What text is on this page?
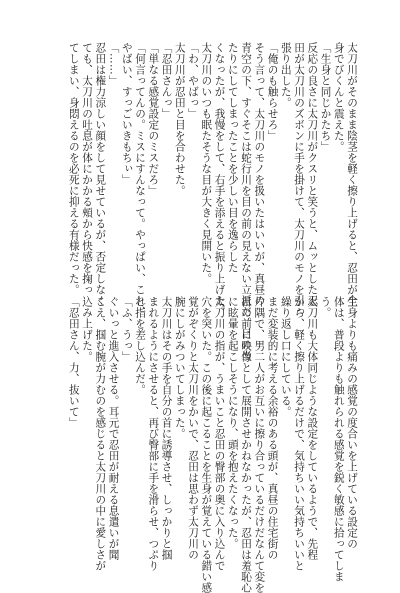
太刀川がそのまま陰茎を軽く擦り上げると、忍田が全
身でびくんと震えた。
「生身と同じかたち」
反応の良さに太刀川がクスリと笑うと、ムッとした忍
田が太刀川のズボンに手を掛けて、太刀川のモノを引っ
張り出した。
「俺のも触らせろ」
そう言って、太刀川のモノを扱いたはいいが、真昼の
青空の下、すぐそこは蛇行川を目の前の見えない立派だ。目の当
たりにしてしまったことを少しい目を逸らした
くなったが、我慢をして、右手を添えると振り上げた。
太刀川のいつも眠たそうな目が大きく見開いた。
「わ、やばっ」
太刀川が忍田と目を合わせた。
「忍田さんっ」
「単なる感覚設定のミスだろ」
「何言ってんの。ミスにすんなって。やっぱい、これ、
やばい、すっごいきもちぃ」
「……」
忍田は権力涼しい顔をして見せているが、否定しなく
ても、太刀川の吐息が体にかかる頰から快感を掬っ
てしまい、身悶えるのを必死に抑える有様だった。
生身よりも痛みの感覚の度合いを上げている設定の
体は、普段よりも触れられる感覚を鋭く敏感に拾ってしま
う。
太刀川も大体同じような設定をしているようで、先程
から、軽く擦り上げるだけで、気持ちいい気持ちいいと
繰り返し口にしている。
まだ変装的に考える余裕のある頭が、真昼の住宅街の
片隅で、男二人がお互いに擦り合っているだけだなんて変を
目の前に映像として展開させかねなかったが、忍田は羞恥心
に眩暈を起こしそうになり、頭を抱えたくなった。
太刀川の指が、うまいこと忍田の臀部の奥に入り込んで
穴を突いた。この後に起こることを生身が覚えている錯い感
覚がぞくりと太刀川をかいで、忍田は思わず太刀川の
腕にしがみついてしまった。
太刀川はその手を自分の首に誘導させ、しっかりと掴
まれるようにさせると、再び臀部に手を滑らせ、つぷり
と指を差し込んだ。
「ふ、うっ」
ぐいっと進入させる。耳元で忍田が耐える息遣いが聞
こえ、掴む腕が力むのを感じると太刀川の中に愛しさが
込み上げた。
「忍田さん、力、抜いて」
